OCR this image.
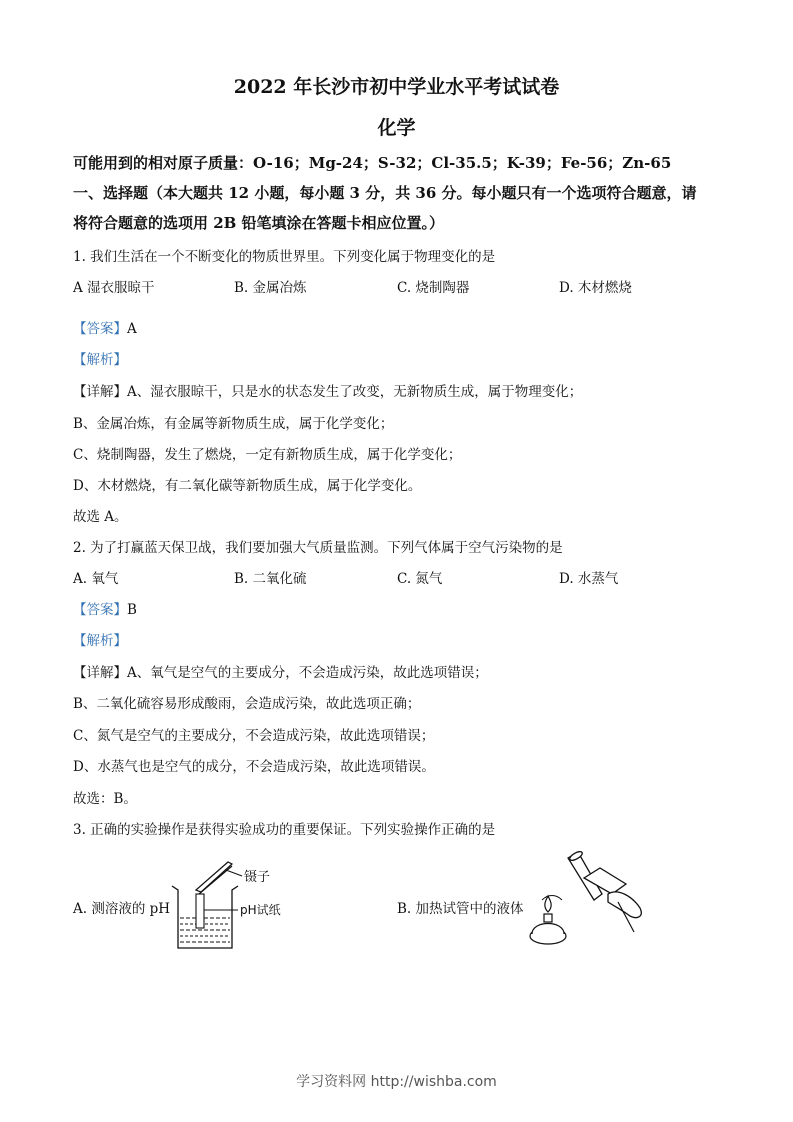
2022 年长沙市初中学业水平考试试卷
化学
可能用到的相对原子质量：O-16；Mg-24；S-32；Cl-35.5；K-39；Fe-56；Zn-65
一、选择题（本大题共 12 小题，每小题 3 分，共 36 分。每小题只有一个选项符合题意，请
将符合题意的选项用 2B 铅笔填涂在答题卡相应位置。）
1. 我们生活在一个不断变化的物质世界里。下列变化属于物理变化的是
A 湿衣服晾干	B. 金属冶炼	C. 烧制陶器	D. 木材燃烧
【答案】A
【解析】
【详解】A、湿衣服晾干，只是水的状态发生了改变，无新物质生成，属于物理变化；
B、金属冶炼，有金属等新物质生成，属于化学变化；
C、烧制陶器，发生了燃烧，一定有新物质生成，属于化学变化；
D、木材燃烧，有二氧化碳等新物质生成，属于化学变化。
故选 A。
2. 为了打赢蓝天保卫战，我们要加强大气质量监测。下列气体属于空气污染物的是
A. 氧气	B. 二氧化硫	C. 氮气	D. 水蒸气
【答案】B
【解析】
【详解】A、氧气是空气的主要成分，不会造成污染，故此选项错误；
B、二氧化硫容易形成酸雨，会造成污染，故此选项正确；
C、氮气是空气的主要成分，不会造成污染，故此选项错误；
D、水蒸气也是空气的成分，不会造成污染，故此选项错误。
故选：B。
3. 正确的实验操作是获得实验成功的重要保证。下列实验操作正确的是
A. 测溶液的 pH	B. 加热试管中的液体
镊子
pH试纸
学习资料网 http://wishba.com
